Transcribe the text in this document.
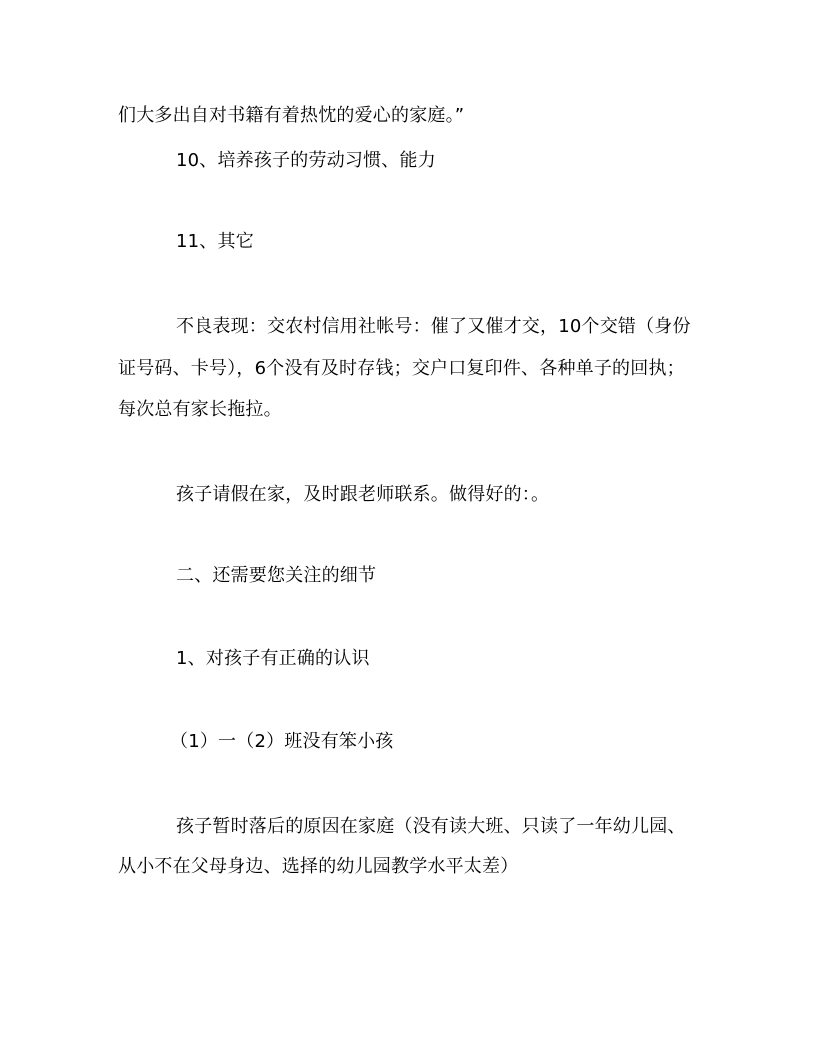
们大多出自对书籍有着热忱的爱心的家庭。”
10、培养孩子的劳动习惯、能力
11、其它
不良表现：交农村信用社帐号：催了又催才交，10个交错（身份
证号码、卡号），6个没有及时存钱；交户口复印件、各种单子的回执；
每次总有家长拖拉。
孩子请假在家，及时跟老师联系。做得好的：。
二、还需要您关注的细节
1、对孩子有正确的认识
（1）一（2）班没有笨小孩
孩子暂时落后的原因在家庭（没有读大班、只读了一年幼儿园、
从小不在父母身边、选择的幼儿园教学水平太差）
